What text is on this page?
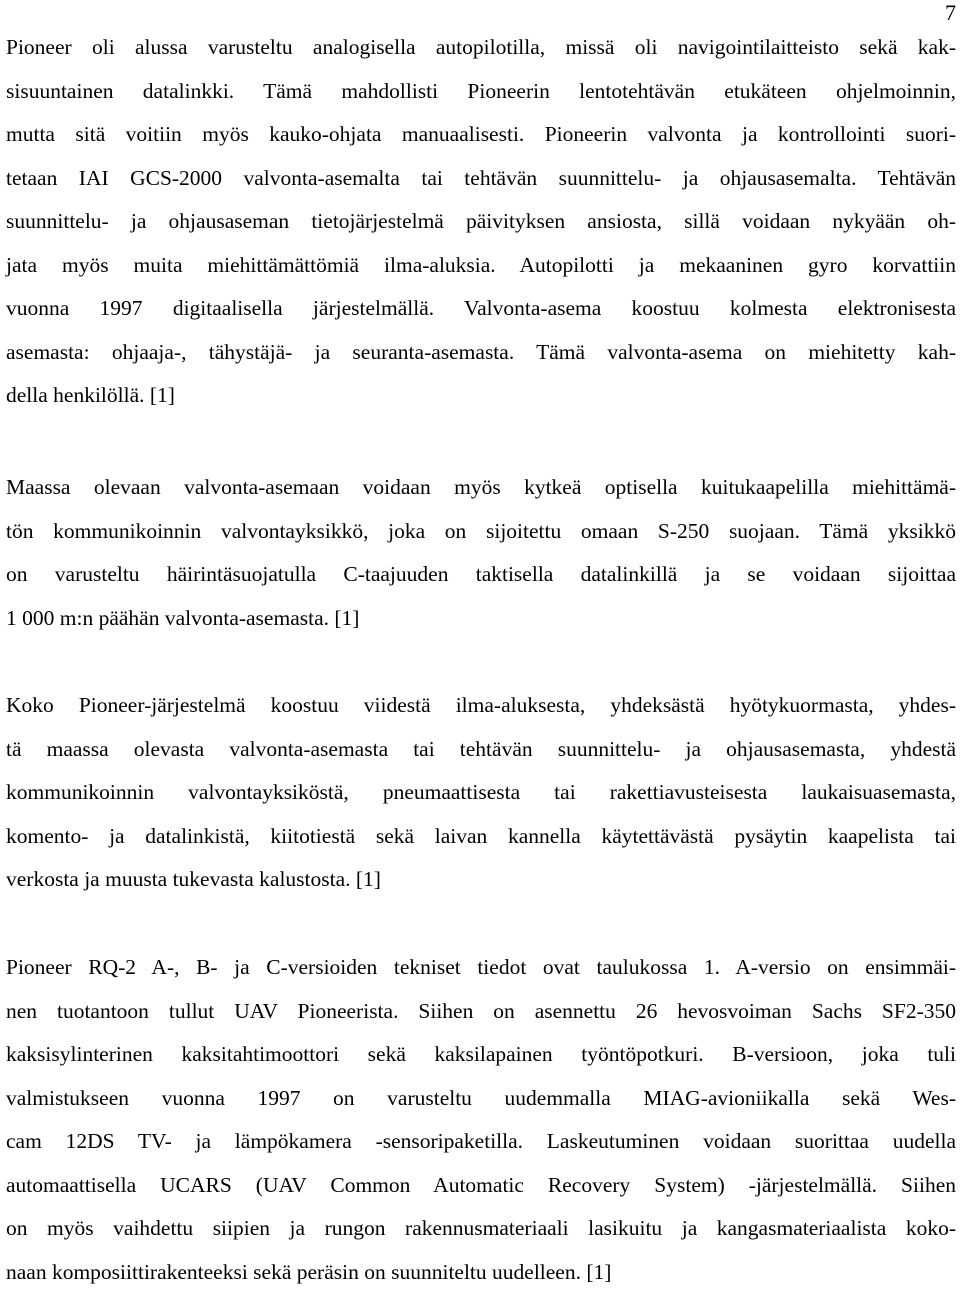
7
Pioneer oli alussa varusteltu analogisella autopilotilla, missä oli navigointilaitteisto sekä kak-
sisuuntainen datalinkki. Tämä mahdollisti Pioneerin lentotehtävän etukäteen ohjelmoinnin,
mutta sitä voitiin myös kauko-ohjata manuaalisesti. Pioneerin valvonta ja kontrollointi suori-
tetaan IAI GCS-2000 valvonta-asemalta tai tehtävän suunnittelu- ja ohjausasemalta. Tehtävän
suunnittelu- ja ohjausaseman tietojärjestelmä päivityksen ansiosta, sillä voidaan nykyään oh-
jata myös muita miehittämättömiä ilma-aluksia. Autopilotti ja mekaaninen gyro korvattiin
vuonna 1997 digitaalisella järjestelmällä. Valvonta-asema koostuu kolmesta elektronisesta
asemasta: ohjaaja-, tähystäjä- ja seuranta-asemasta. Tämä valvonta-asema on miehitetty kah-
della henkilöllä. [1]
Maassa olevaan valvonta-asemaan voidaan myös kytkeä optisella kuitukaapelilla miehittämä-
tön kommunikoinnin valvontayksikkö, joka on sijoitettu omaan S-250 suojaan. Tämä yksikkö
on varusteltu häirintäsuojatulla C-taajuuden taktisella datalinkillä ja se voidaan sijoittaa
1 000 m:n päähän valvonta-asemasta. [1]
Koko Pioneer-järjestelmä koostuu viidestä ilma-aluksesta, yhdeksästä hyötykuormasta, yhdes-
tä maassa olevasta valvonta-asemasta tai tehtävän suunnittelu- ja ohjausasemasta, yhdestä
kommunikoinnin valvontayksiköstä, pneumaattisesta tai rakettiavusteisesta laukaisuasemasta,
komento- ja datalinkistä, kiitotiestä sekä laivan kannella käytettävästä pysäytin kaapelista tai
verkosta ja muusta tukevasta kalustosta. [1]
Pioneer RQ-2 A-, B- ja C-versioiden tekniset tiedot ovat taulukossa 1. A-versio on ensimmäi-
nen tuotantoon tullut UAV Pioneerista. Siihen on asennettu 26 hevosvoiman Sachs SF2-350
kaksisylinterinen kaksitahtimoottori sekä kaksilapainen työntöpotkuri. B-versioon, joka tuli
valmistukseen vuonna 1997 on varusteltu uudemmalla MIAG-avioniikalla sekä Wes-
cam 12DS TV- ja lämpökamera -sensoripaketilla. Laskeutuminen voidaan suorittaa uudella
automaattisella UCARS (UAV Common Automatic Recovery System) -järjestelmällä. Siihen
on myös vaihdettu siipien ja rungon rakennusmateriaali lasikuitu ja kangasmateriaalista koko-
naan komposiittirakenteeksi sekä peräsin on suunniteltu uudelleen. [1]
